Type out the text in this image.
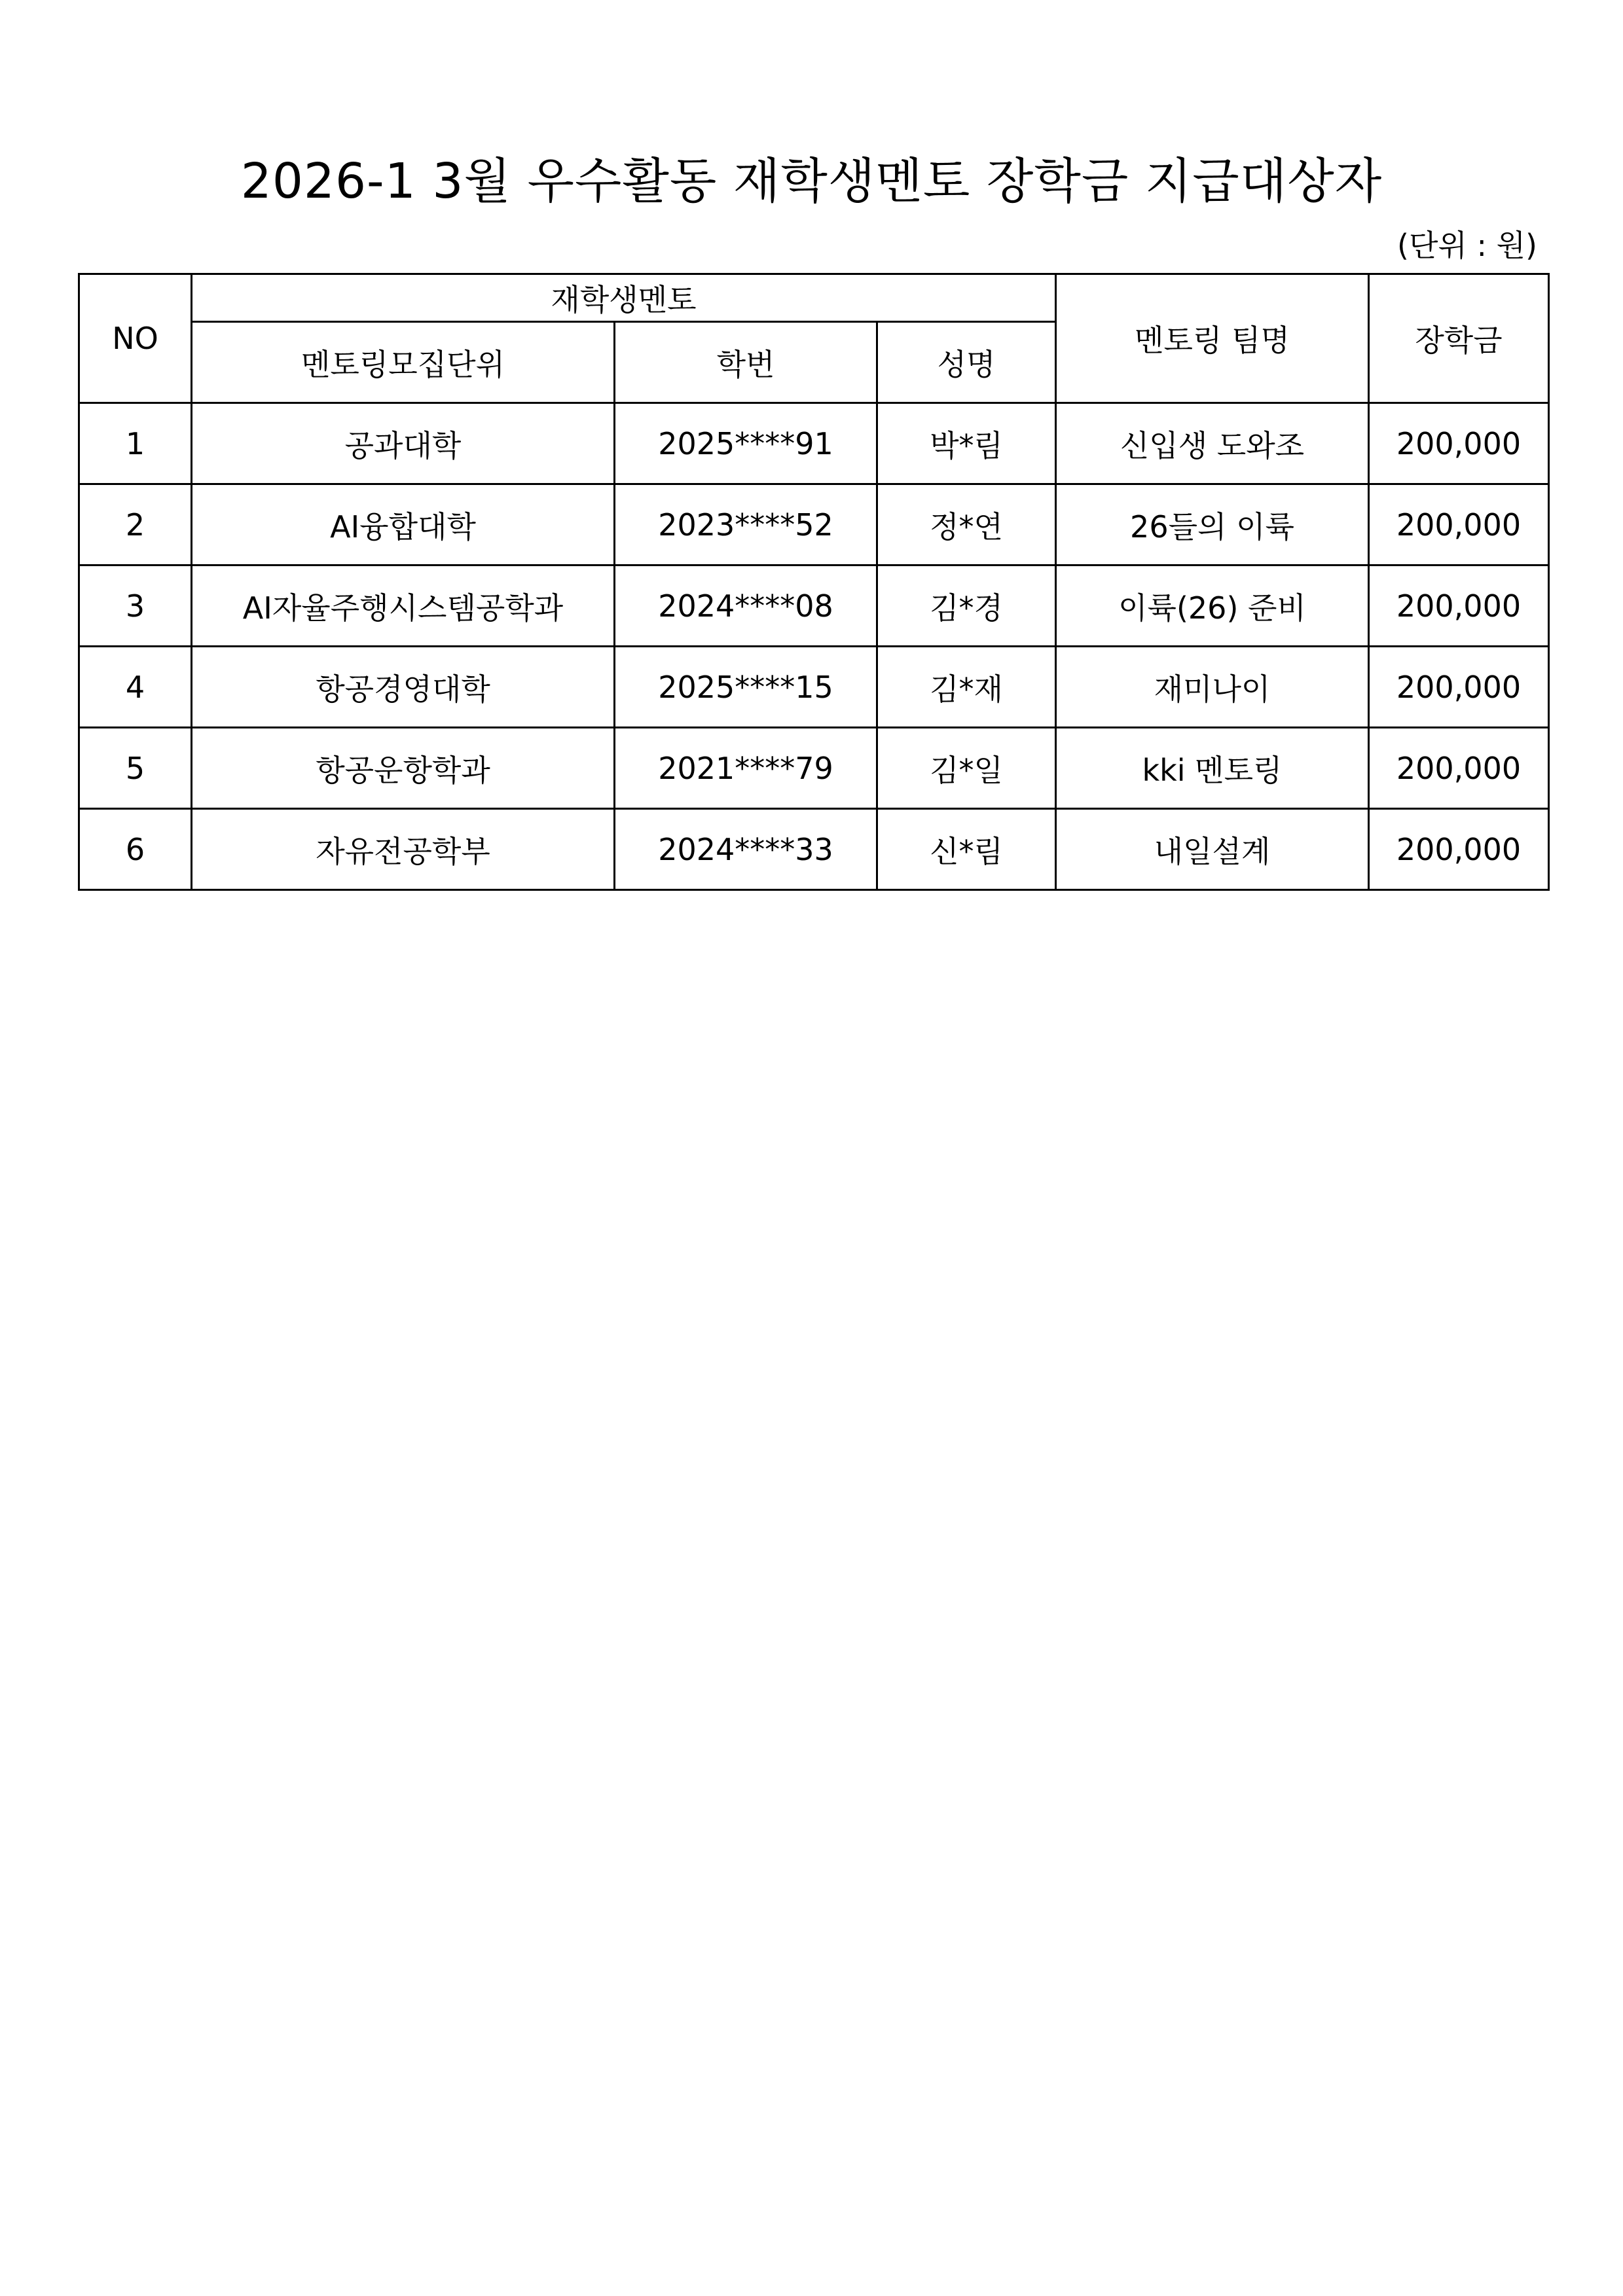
2026-1 3월 우수활동 재학생멘토 장학금 지급대상자
(단위 : 원)
NO	재학생멘토			멘토링 팀명	장학금
	멘토링모집단위	학번	성명		
1	공과대학	2025****91	박*림	신입생 도와조	200,000
2	AI융합대학	2023****52	정*연	26들의 이륙	200,000
3	AI자율주행시스템공학과	2024****08	김*경	이륙(26) 준비	200,000
4	항공경영대학	2025****15	김*재	재미나이	200,000
5	항공운항학과	2021****79	김*일	kki 멘토링	200,000
6	자유전공학부	2024****33	신*림	내일설계	200,000
